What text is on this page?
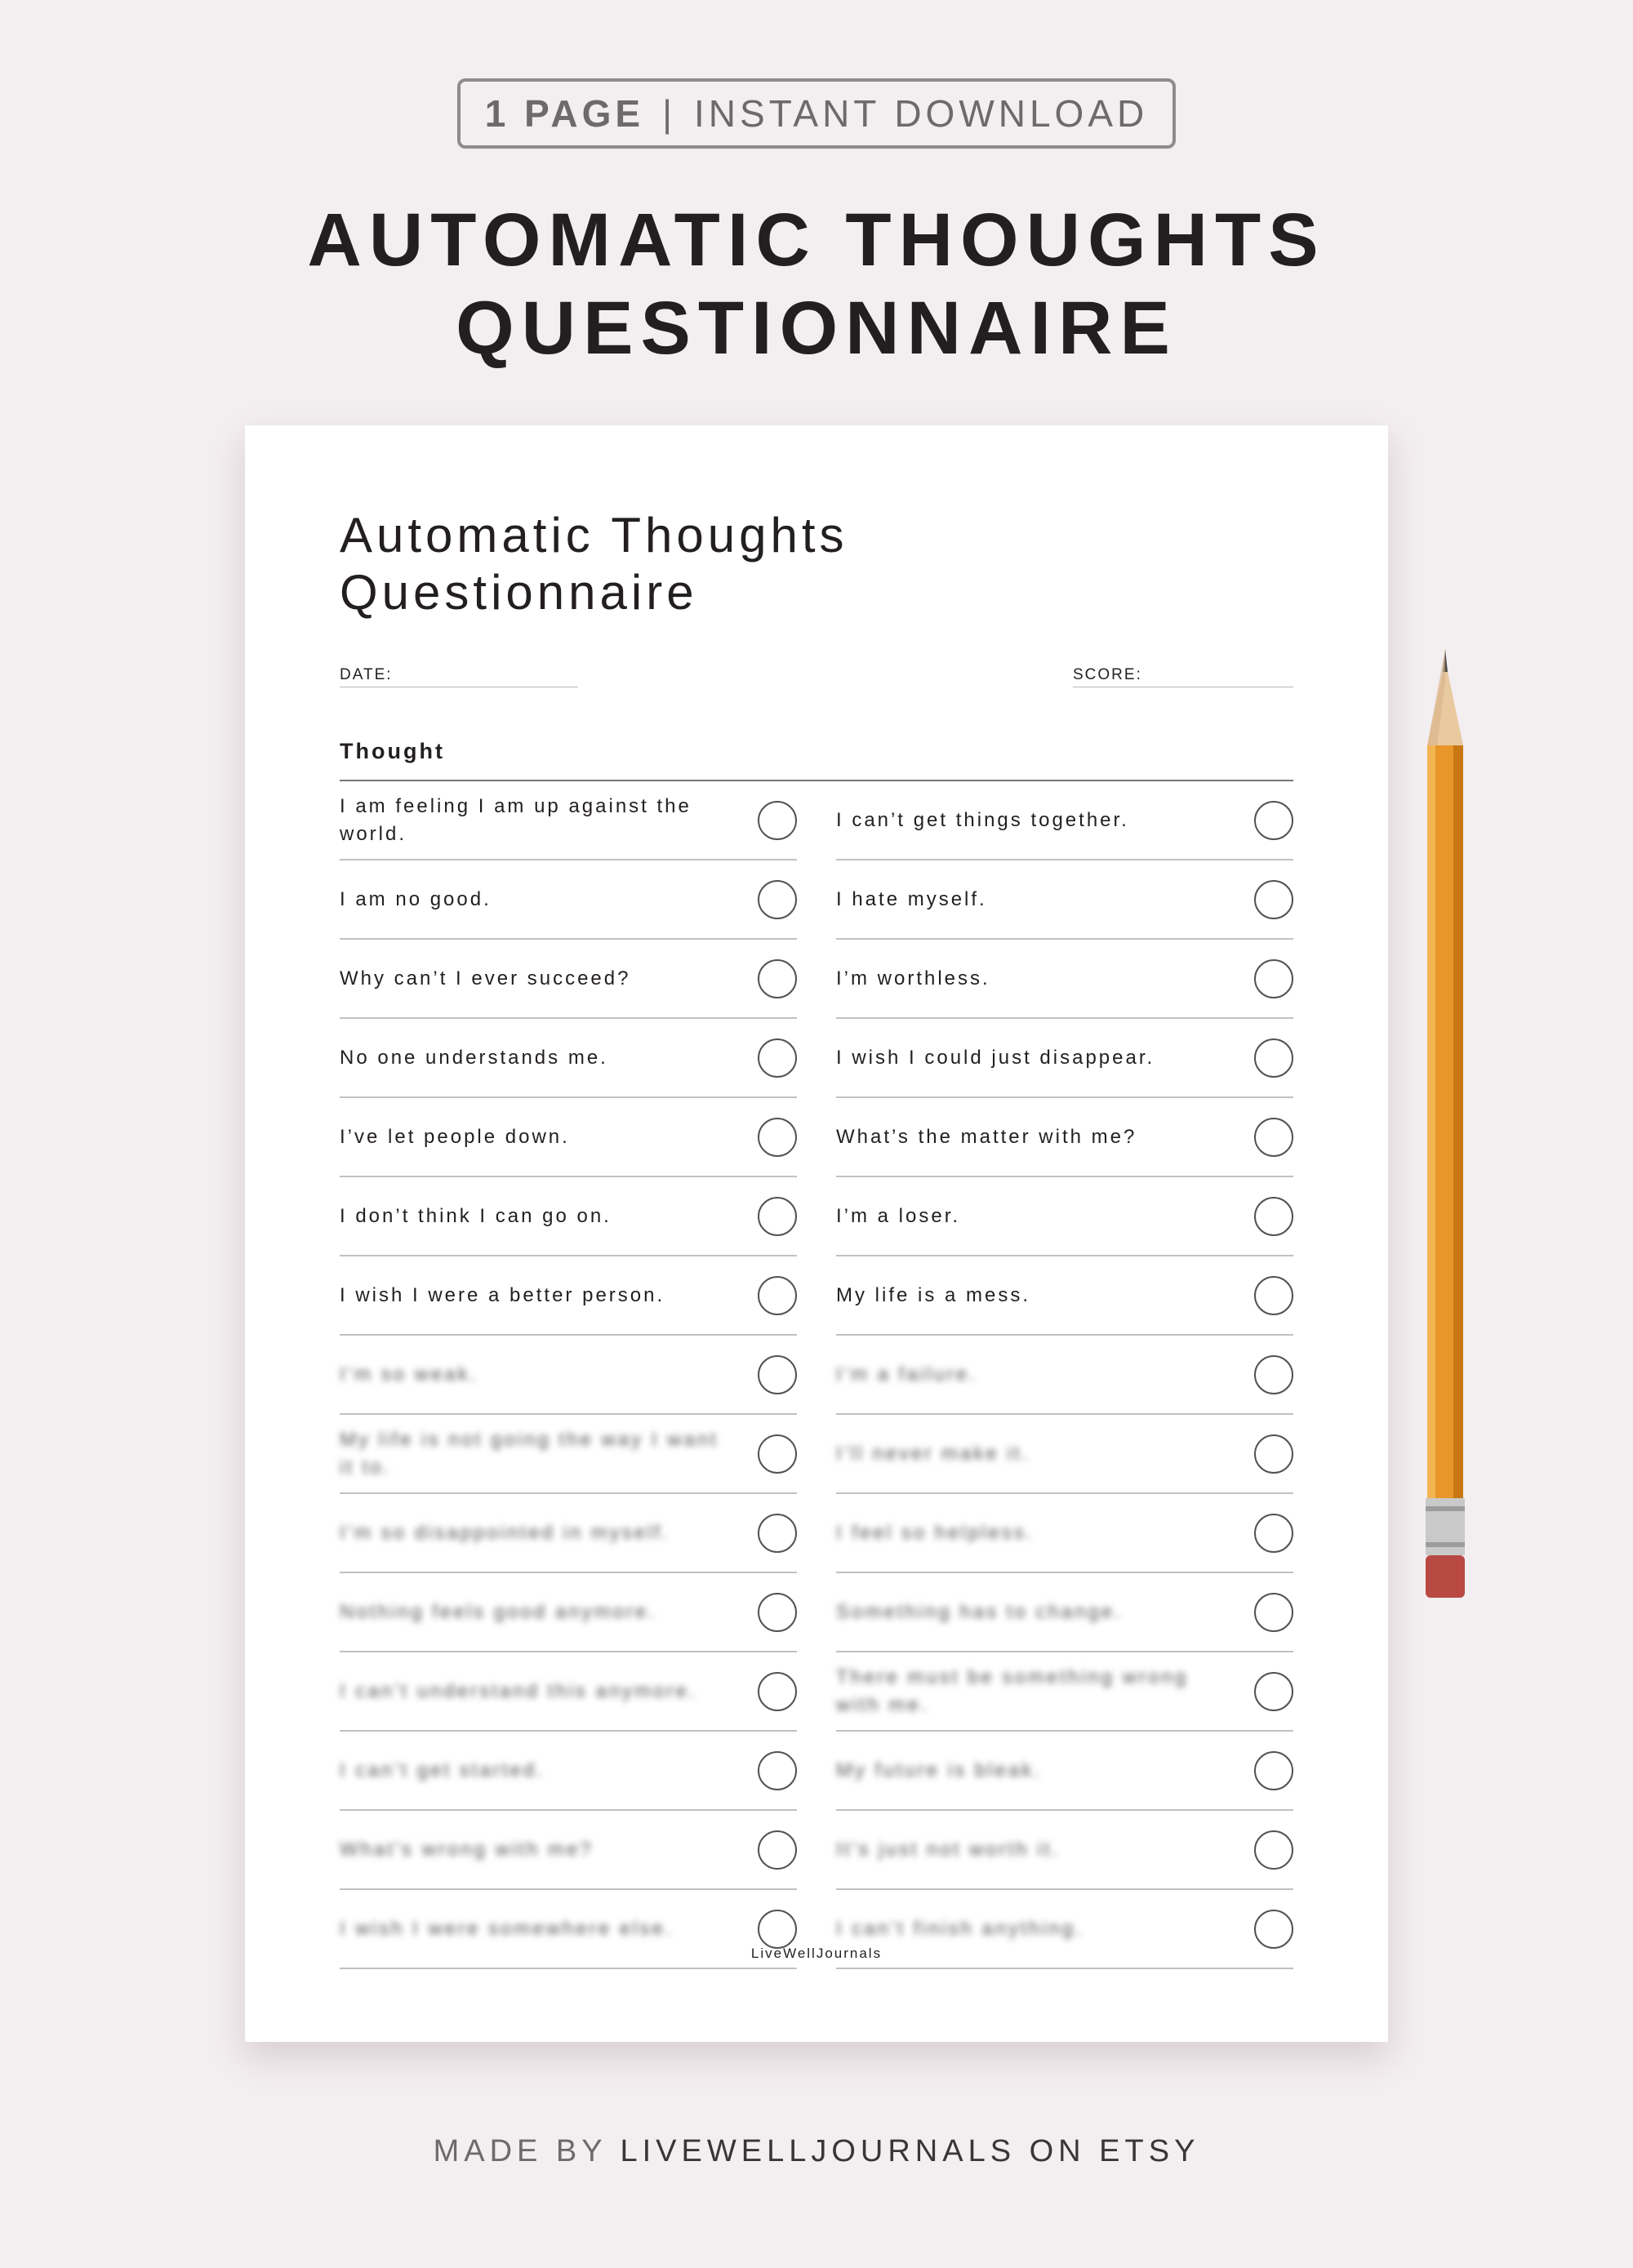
1 PAGE | INSTANT DOWNLOAD
AUTOMATIC THOUGHTS
QUESTIONNAIRE
Automatic Thoughts
Questionnaire
DATE:	SCORE:
Thought
I am feeling I am up against the world.
I am no good.
Why can’t I ever succeed?
No one understands me.
I’ve let people down.
I don’t think I can go on.
I wish I were a better person.
I’m so weak.
My life is not going the way I want it to.
I’m so disappointed in myself.
Nothing feels good anymore.
I can’t understand this anymore.
I can’t get started.
What’s wrong with me?
I wish I were somewhere else.
I can’t get things together.
I hate myself.
I’m worthless.
I wish I could just disappear.
What’s the matter with me?
I’m a loser.
My life is a mess.
I’m a failure.
I’ll never make it.
I feel so helpless.
Something has to change.
There must be something wrong with me.
My future is bleak.
It’s just not worth it.
I can’t finish anything.
LiveWellJournals
MADE BY LIVEWELLJOURNALS ON ETSY
